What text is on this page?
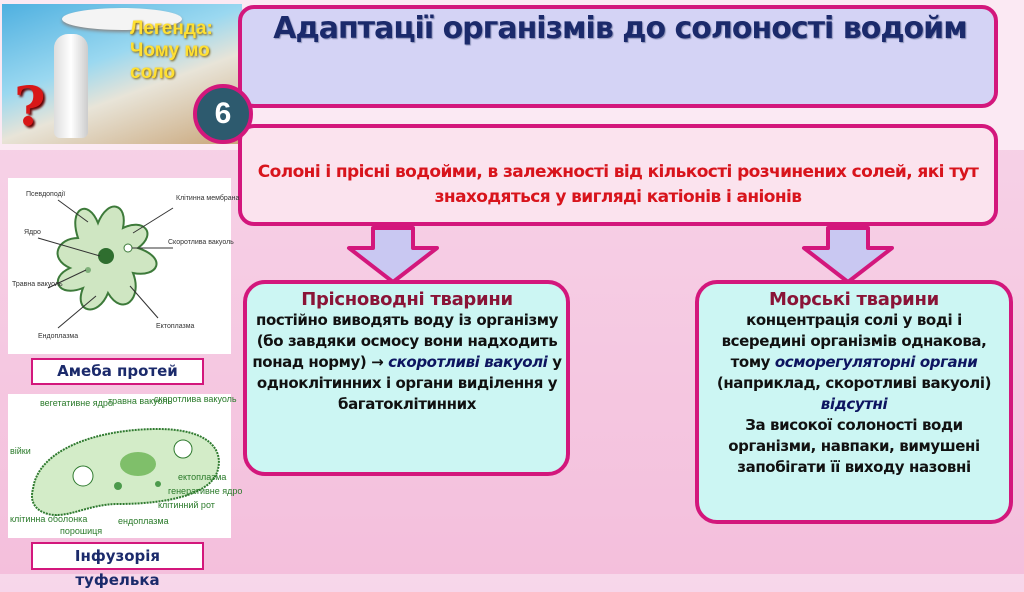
?
Легенда: Чому мо соло
Адаптації організмів до солоності водойм
Солоні і прісні водойми, в залежності від кількості розчинених солей, які тут знаходяться у вигляді катіонів і аніонів
6
Прісноводні тварини
постійно виводять воду із організму (бо завдяки осмосу вони надходить понад норму) → скоротливі вакуолі у одноклітинних і органи виділення у багатоклітинних
Морські тварини
концентрація солі у воді і всередині організмів однакова, тому осморегуляторні органи (наприклад, скоротливі вакуолі) відсутні
За високої солоності води організми, навпаки, вимушені запобігати її виходу назовні
Псевдоподії
Клітинна мембрана
Ядро
Скоротлива вакуоль
Травна вакуоль
Ектоплазма
Ендоплазма
Амеба протей
вегетативне ядро
травна вакуоль
скоротлива вакуоль
війки
ектоплазма
генеративне ядро
клітинний рот
клітинна оболонка
порошиця
ендоплазма
Інфузорія туфелька
